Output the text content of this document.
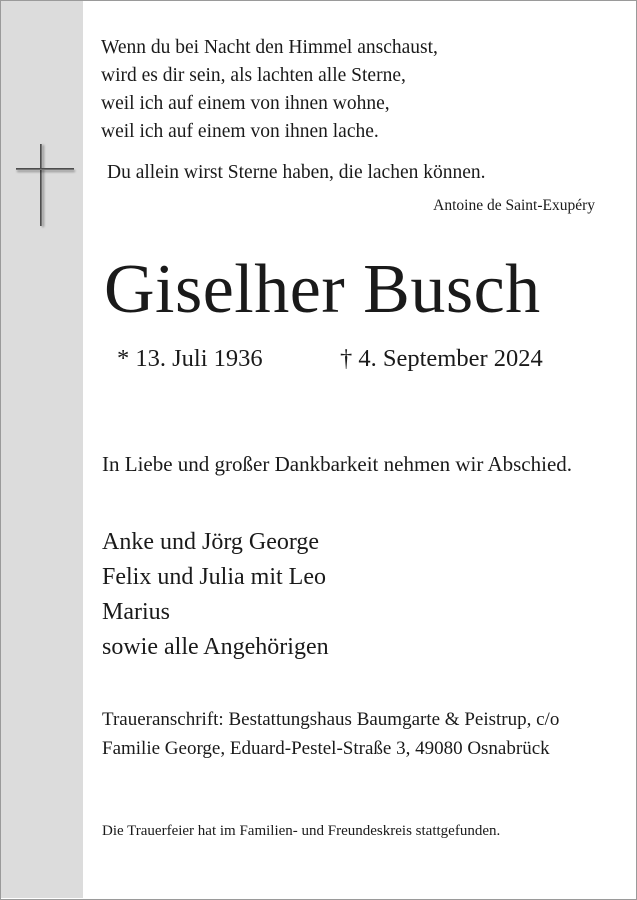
Wenn du bei Nacht den Himmel anschaust,
wird es dir sein, als lachten alle Sterne,
weil ich auf einem von ihnen wohne,
weil ich auf einem von ihnen lache.
Du allein wirst Sterne haben, die lachen können.
Antoine de Saint-Exupéry
Giselher Busch
* 13. Juli 1936	† 4. September 2024
In Liebe und großer Dankbarkeit nehmen wir Abschied.
Anke und Jörg George
Felix und Julia mit Leo
Marius
sowie alle Angehörigen
Traueranschrift: Bestattungshaus Baumgarte & Peistrup, c/o Familie George, Eduard-Pestel-Straße 3, 49080 Osnabrück
Die Trauerfeier hat im Familien- und Freundeskreis stattgefunden.
